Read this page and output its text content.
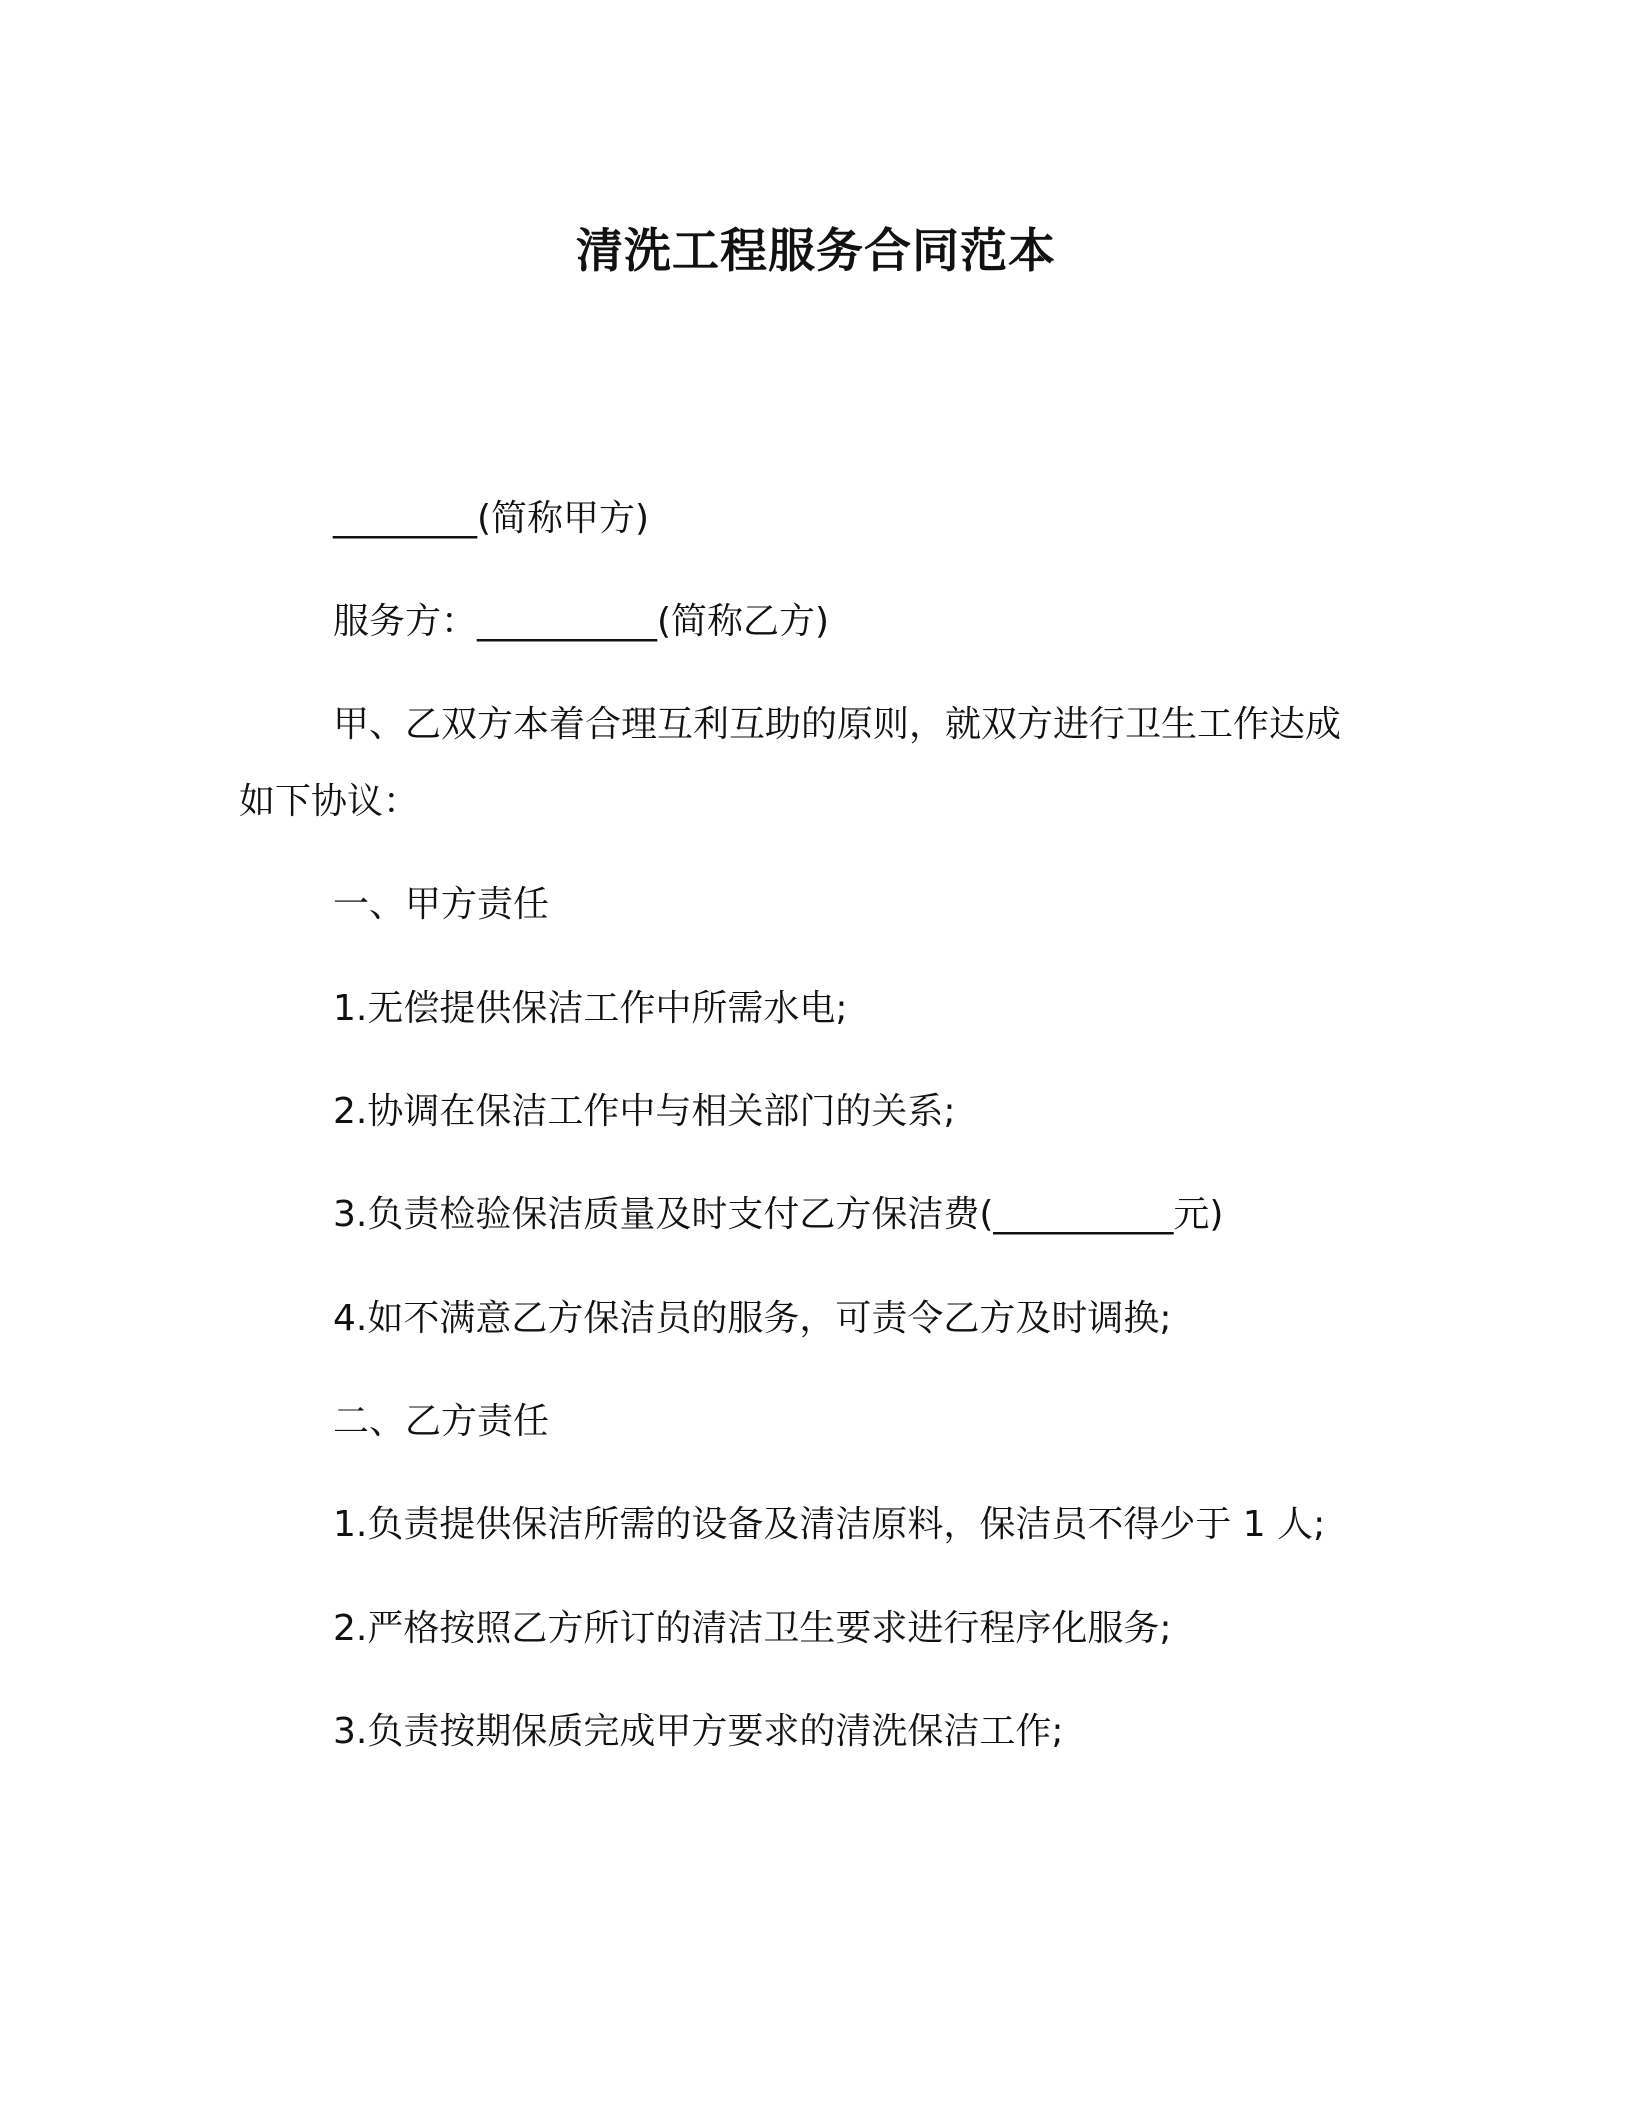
清洗工程服务合同范本
________(简称甲方)
服务方：__________(简称乙方)
甲、乙双方本着合理互利互助的原则，就双方进行卫生工作达成
如下协议：
一、甲方责任
1.无偿提供保洁工作中所需水电;
2.协调在保洁工作中与相关部门的关系;
3.负责检验保洁质量及时支付乙方保洁费(__________元)
4.如不满意乙方保洁员的服务，可责令乙方及时调换;
二、乙方责任
1.负责提供保洁所需的设备及清洁原料，保洁员不得少于 1 人;
2.严格按照乙方所订的清洁卫生要求进行程序化服务;
3.负责按期保质完成甲方要求的清洗保洁工作;
